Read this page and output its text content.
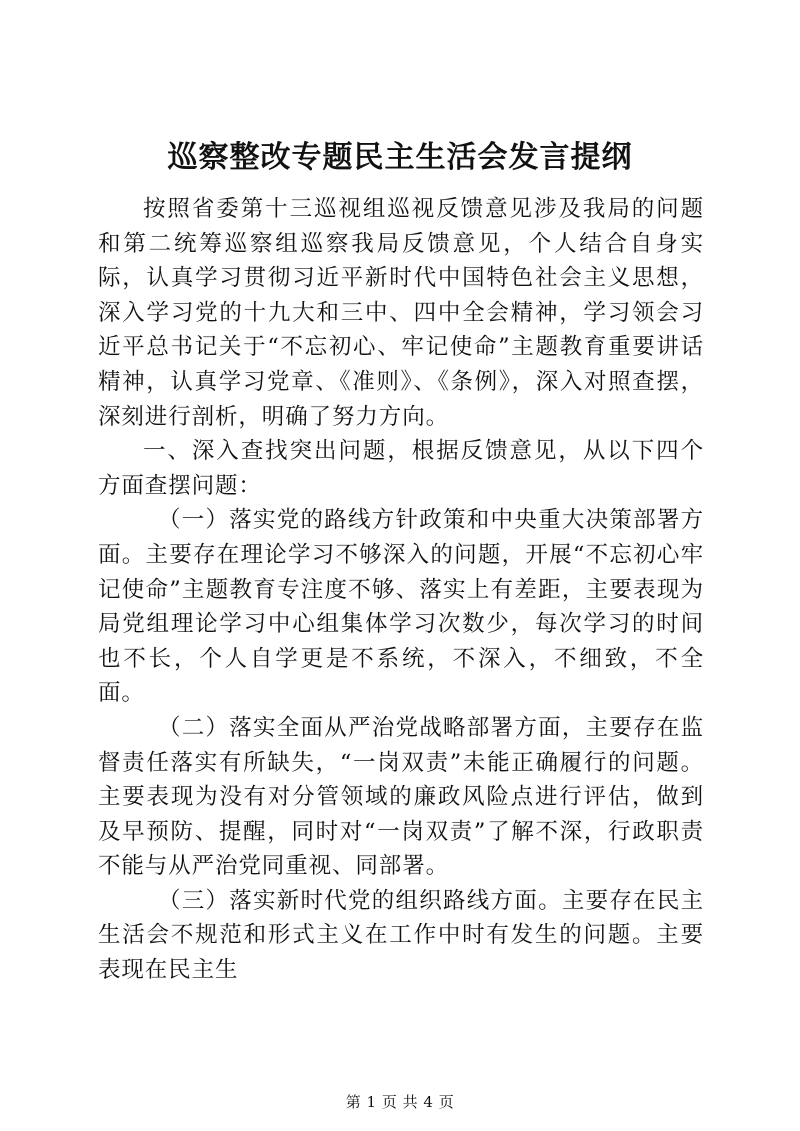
巡察整改专题民主生活会发言提纲

按照省委第十三巡视组巡视反馈意见涉及我局的问题和第二统筹巡察组巡察我局反馈意见，个人结合自身实际，认真学习贯彻习近平新时代中国特色社会主义思想，深入学习党的十九大和三中、四中全会精神，学习领会习近平总书记关于“不忘初心、牢记使命”主题教育重要讲话精神，认真学习党章、《准则》、《条例》，深入对照查摆，深刻进行剖析，明确了努力方向。

一、深入查找突出问题，根据反馈意见，从以下四个方面查摆问题：

（一）落实党的路线方针政策和中央重大决策部署方面。主要存在理论学习不够深入的问题，开展“不忘初心牢记使命”主题教育专注度不够、落实上有差距，主要表现为局党组理论学习中心组集体学习次数少，每次学习的时间也不长，个人自学更是不系统，不深入，不细致，不全面。

（二）落实全面从严治党战略部署方面，主要存在监督责任落实有所缺失，“一岗双责”未能正确履行的问题。主要表现为没有对分管领域的廉政风险点进行评估，做到及早预防、提醒，同时对“一岗双责”了解不深，行政职责不能与从严治党同重视、同部署。

（三）落实新时代党的组织路线方面。主要存在民主生活会不规范和形式主义在工作中时有发生的问题。主要表现在民主生

第 1 页 共 4 页
